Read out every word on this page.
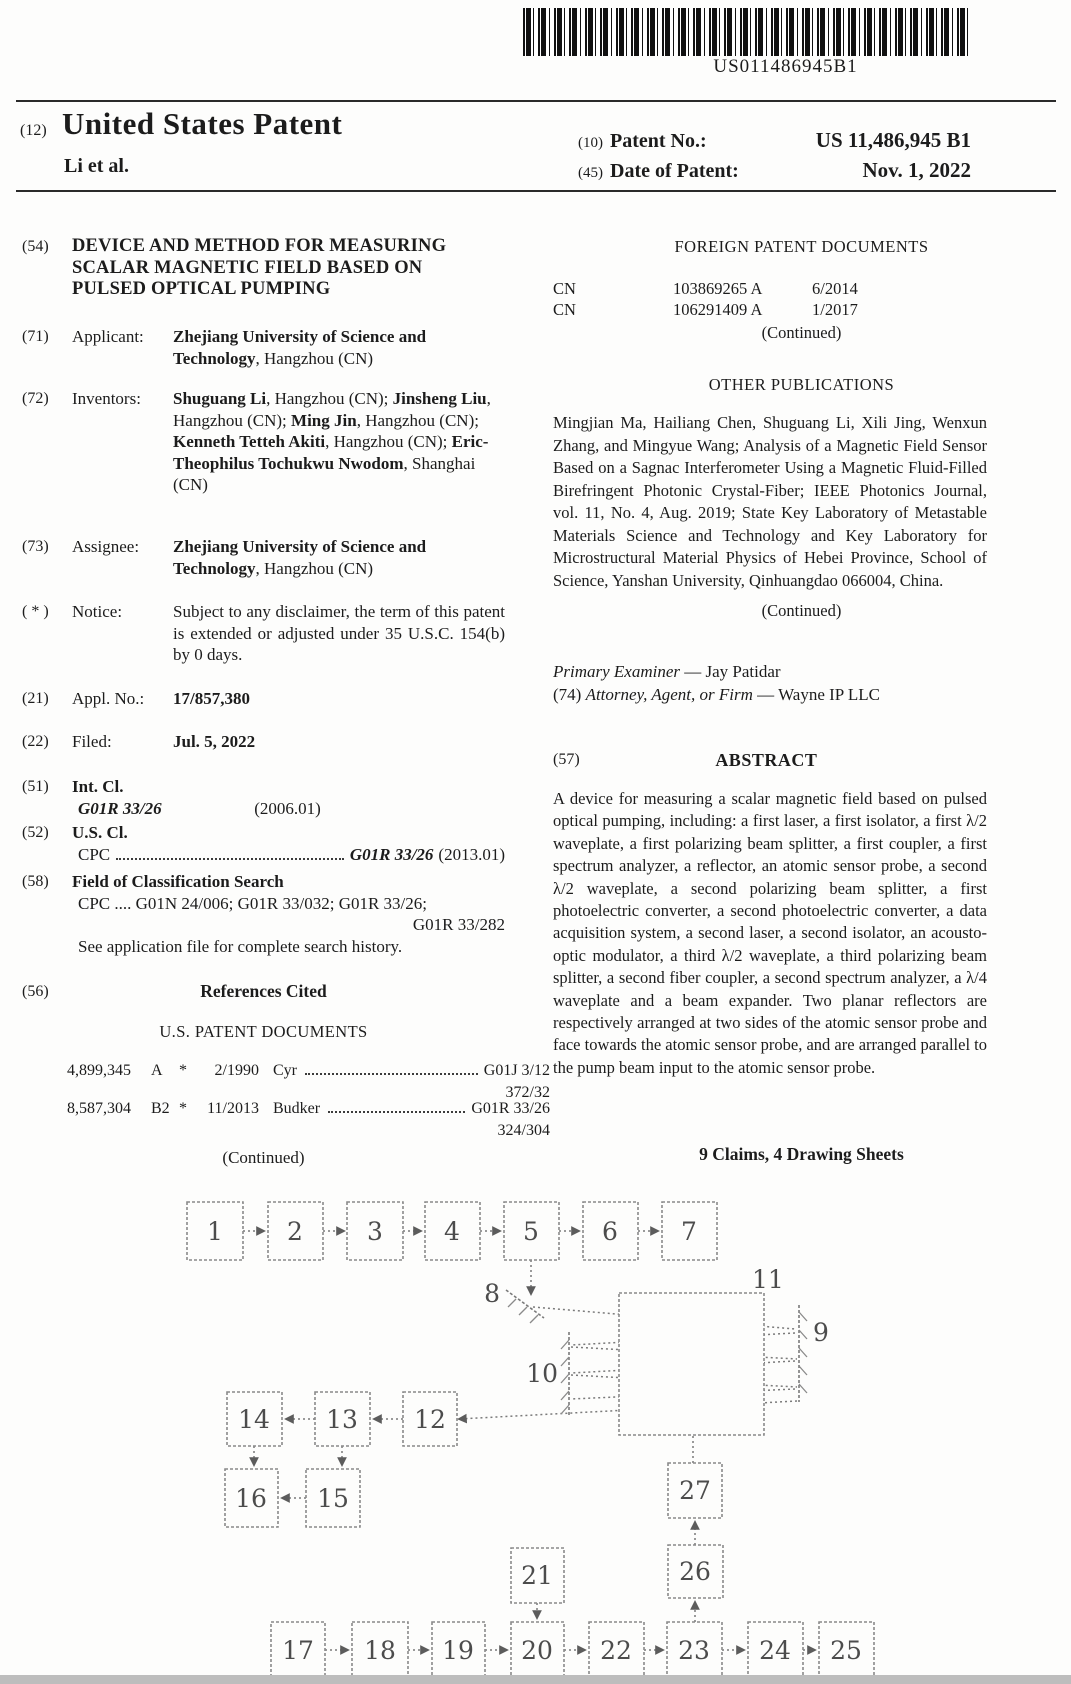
US011486945B1
(12) United States Patent
Li et al.
(10) Patent No.:	US 11,486,945 B1
(45) Date of Patent:	Nov. 1, 2022
(54)	DEVICE AND METHOD FOR MEASURING
SCALAR MAGNETIC FIELD BASED ON
PULSED OPTICAL PUMPING
(71)	Applicant:	Zhejiang University of Science and Technology, Hangzhou (CN)
(72)	Inventors:	Shuguang Li, Hangzhou (CN); Jinsheng Liu, Hangzhou (CN); Ming Jin, Hangzhou (CN); Kenneth Tetteh Akiti, Hangzhou (CN); Eric-Theophilus Tochukwu Nwodom, Shanghai (CN)
(73)	Assignee:	Zhejiang University of Science and Technology, Hangzhou (CN)
( * )	Notice:	Subject to any disclaimer, the term of this patent is extended or adjusted under 35 U.S.C. 154(b) by 0 days.
(21)	Appl. No.:	17/857,380
(22)	Filed:	Jul. 5, 2022
(51)	Int. Cl.
G01R 33/26	(2006.01)
(52)	U.S. Cl.
CPC	G01R 33/26 (2013.01)
(58)	Field of Classification Search
CPC .... G01N 24/006; G01R 33/032; G01R 33/26;
G01R 33/282
See application file for complete search history.
(56)	References Cited
U.S. PATENT DOCUMENTS
4,899,345	A	*	2/1990 Cyr	G01J 3/12
372/32
8,587,304	B2 *	11/2013 Budker	G01R 33/26
324/304
(Continued)
FOREIGN PATENT DOCUMENTS
CN	103869265 A	6/2014
CN	106291409 A	1/2017
(Continued)
OTHER PUBLICATIONS
Mingjian Ma, Hailiang Chen, Shuguang Li, Xili Jing, Wenxun Zhang, and Mingyue Wang; Analysis of a Magnetic Field Sensor Based on a Sagnac Interferometer Using a Magnetic Fluid-Filled Birefringent Photonic Crystal-Fiber; IEEE Photonics Journal, vol. 11, No. 4, Aug. 2019; State Key Laboratory of Metastable Materials Science and Technology and Key Laboratory for Microstructural Material Physics of Hebei Province, School of Science, Yanshan University, Qinhuangdao 066004, China.
(Continued)
Primary Examiner — Jay Patidar
(74) Attorney, Agent, or Firm — Wayne IP LLC
(57)	ABSTRACT
A device for measuring a scalar magnetic field based on pulsed optical pumping, including: a first laser, a first isolator, a first λ/2 waveplate, a first polarizing beam splitter, a first coupler, a first spectrum analyzer, a reflector, an atomic sensor probe, a second λ/2 waveplate, a second polarizing beam splitter, a first photoelectric converter, a second photoelectric converter, a data acquisition system, a second laser, a second isolator, an acousto-optic modulator, a third λ/2 waveplate, a third polarizing beam splitter, a second fiber coupler, a second spectrum analyzer, a λ/4 waveplate and a beam expander. Two planar reflectors are respectively arranged at two sides of the atomic sensor probe and face towards the atomic sensor probe, and are arranged parallel to the pump beam input to the atomic sensor probe.
9 Claims, 4 Drawing Sheets
1	2	3 4	5	6	7
14 13 12
16 15	27
26
21
17 18 19 20 22 23 24 25
8
9
10
11
